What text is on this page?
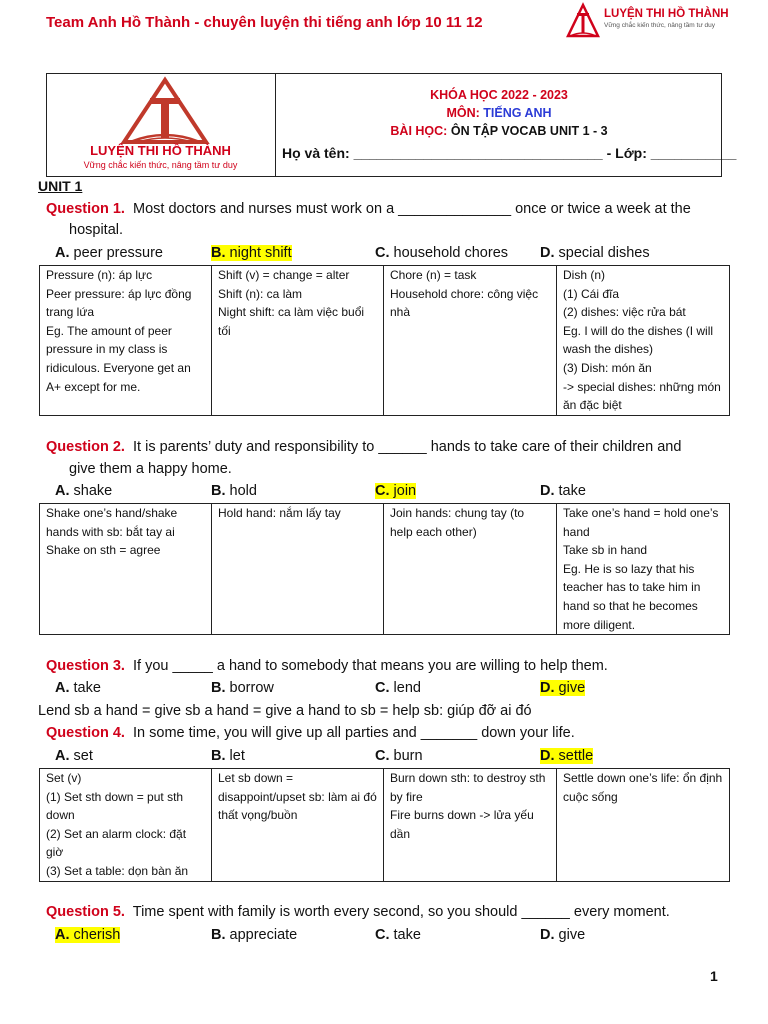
Team Anh Hồ Thành - chuyên luyện thi tiếng anh lớp 10 11 12	LUYỆN THI HỒ THÀNH
Vững chắc kiến thức, nâng tầm tư duy
LUYỆN THI HỒ THÀNH
Vững chắc kiến thức, nâng tầm tư duy
KHÓA HỌC 2022 - 2023
MÔN: TIẾNG ANH
BÀI HỌC: ÔN TẬP VOCAB UNIT 1 - 3
Họ và tên: ________________________________ - Lớp: ___________
UNIT 1
Question 1. Most doctors and nurses must work on a ______________ once or twice a week at the
hospital.
A. peer pressure	B. night shift	C. household chores D. special dishes
Pressure (n): áp lực
Peer pressure: áp lực đồng trang lứa
Eg. The amount of peer pressure in my class is ridiculous. Everyone get an A+ except for me.

Shift (v) = change = alter
Shift (n): ca làm
Night shift: ca làm việc buổi tối

Chore (n) = task
Household chore: công việc nhà

Dish (n)
(1) Cái đĩa
(2) dishes: việc rửa bát
Eg. I will do the dishes (I will wash the dishes)
(3) Dish: món ăn
-> special dishes: những món ăn đặc biệt
Question 2. It is parents’ duty and responsibility to ______ hands to take care of their children and
give them a happy home.
A. shake	B. hold	C. join	D. take
Shake one’s hand/shake hands with sb: bắt tay ai
Shake on sth = agree

Hold hand: nắm lấy tay	Join hands: chung tay (to help each other)

Take one’s hand = hold one’s hand
Take sb in hand
Eg. He is so lazy that his teacher has to take him in hand so that he becomes more diligent.
Question 3. If you _____ a hand to somebody that means you are willing to help them.
A. take	B. borrow	C. lend	D. give
Lend sb a hand = give sb a hand = give a hand to sb = help sb: giúp đỡ ai đó
Question 4. In some time, you will give up all parties and _______ down your life.
A. set	B. let	C. burn	D. settle
Set (v)
(1) Set sth down = put sth down
(2) Set an alarm clock: đặt giờ
(3) Set a table: dọn bàn ăn

Let sb down = disappoint/upset sb: làm ai đó thất vọng/buồn

Burn down sth: to destroy sth by fire
Fire burns down -> lửa yếu dần

Settle down one’s life: ổn định cuộc sống
Question 5. Time spent with family is worth every second, so you should ______ every moment.
A. cherish	B. appreciate	C. take	D. give
1
